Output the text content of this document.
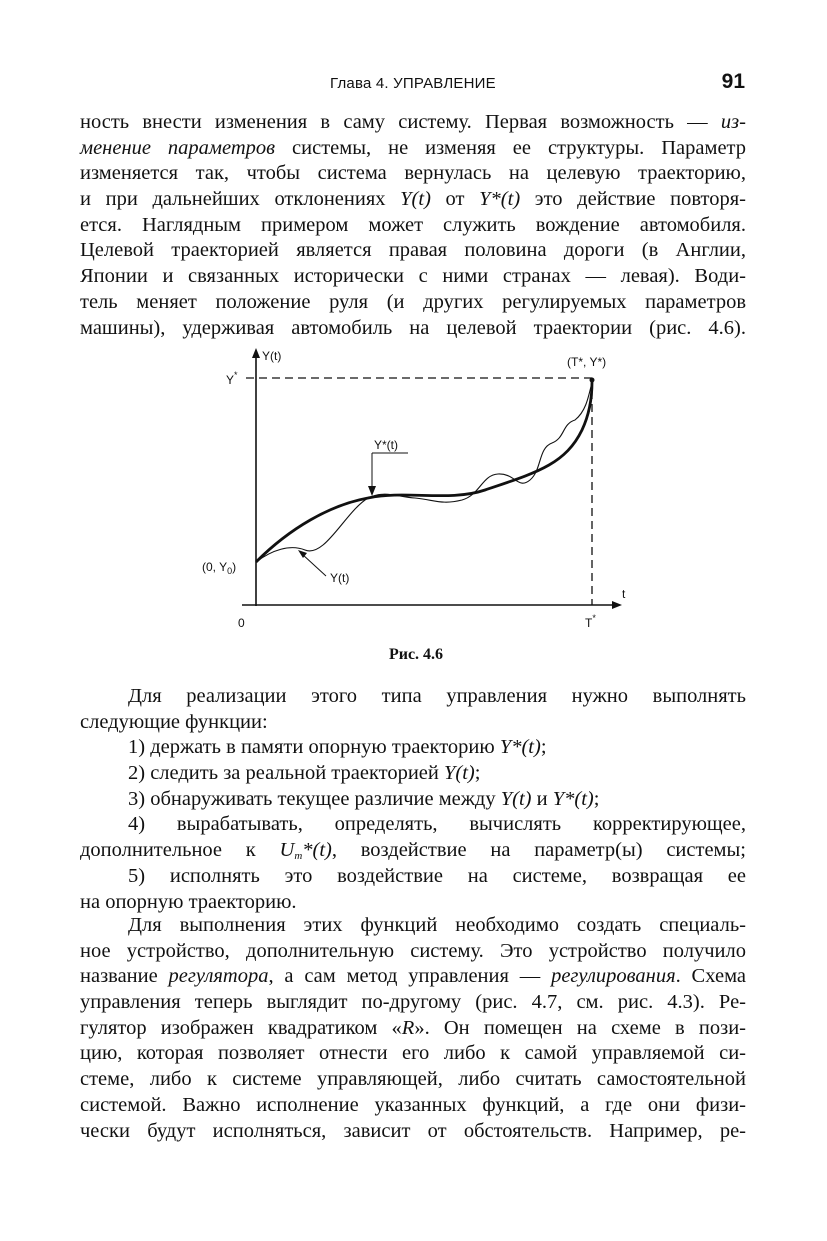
Глава 4. УПРАВЛЕНИЕ	91
ность внести изменения в саму систему. Первая возможность — из-
менение параметров системы, не изменяя ее структуры. Параметр
изменяется так, чтобы система вернулась на целевую траекторию,
и при дальнейших отклонениях Y(t) от Y*(t) это действие повторя-
ется. Наглядным примером может служить вождение автомобиля.
Целевой траекторией является правая половина дороги (в Англии,
Японии и связанных исторически с ними странах — левая). Води-
тель меняет положение руля (и других регулируемых параметров
машины), удерживая автомобиль на целевой траектории (рис. 4.6).
Y(t)
Y*
(T*, Y*)
Y*(t)
(0, $Y_0$)
Y(t)
t
0	T*
Рис. 4.6
Для реализации этого типа управления нужно выполнять
следующие функции:
1) держать в памяти опорную траекторию Y*(t);
2) следить за реальной траекторией Y(t);
3) обнаруживать текущее различие между Y(t) и Y*(t);
4) вырабатывать, определять, вычислять корректирующее,
дополнительное к $U_m*(t)$, воздействие на параметр(ы) системы;
5) исполнять это воздействие на системе, возвращая ее
на опорную траекторию.
Для выполнения этих функций необходимо создать специаль-
ное устройство, дополнительную систему. Это устройство получило
название регулятора, а сам метод управления — регулирования. Схема
управления теперь выглядит по-другому (рис. 4.7, см. рис. 4.3). Ре-
гулятор изображен квадратиком «R». Он помещен на схеме в пози-
цию, которая позволяет отнести его либо к самой управляемой си-
стеме, либо к системе управляющей, либо считать самостоятельной
системой. Важно исполнение указанных функций, а где они физи-
чески будут исполняться, зависит от обстоятельств. Например, ре-
